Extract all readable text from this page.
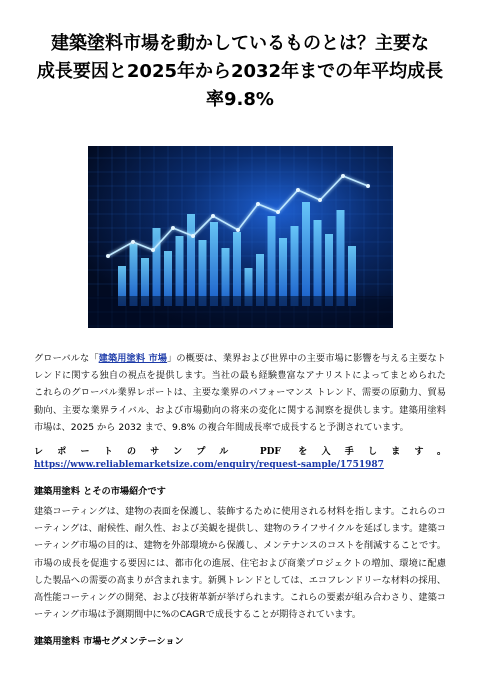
建築塗料市場を動かしているものとは？主要な
成長要因と2025年から2032年までの年平均成長
率9.8%

グローバルな「建築用塗料 市場」の概要は、業界および世界中の主要市場に影響を与える主要なトレンドに関する独自の視点を提供します。当社の最も経験豊富なアナリストによってまとめられたこれらのグローバル業界レポートは、主要な業界のパフォーマンス トレンド、需要の原動力、貿易動向、主要な業界ライバル、および市場動向の将来の変化に関する洞察を提供します。建築用塗料 市場は、2025 から 2032 まで、9.8% の複合年間成長率で成長すると予測されています。

レポートのサンプル PDF を入手します。 https://www.reliablemarketsize.com/enquiry/request-sample/1751987

建築用塗料 とその市場紹介です

建築コーティングは、建物の表面を保護し、装飾するために使用される材料を指します。これらのコーティングは、耐候性、耐久性、および美観を提供し、建物のライフサイクルを延ばします。建築コーティング市場の目的は、建物を外部環境から保護し、メンテナンスのコストを削減することです。市場の成長を促進する要因には、都市化の進展、住宅および商業プロジェクトの増加、環境に配慮した製品への需要の高まりが含まれます。新興トレンドとしては、エコフレンドリーな材料の採用、高性能コーティングの開発、および技術革新が挙げられます。これらの要素が組み合わさり、建築コーティング市場は予測期間中に%のCAGRで成長することが期待されています。

建築用塗料 市場セグメンテーション
